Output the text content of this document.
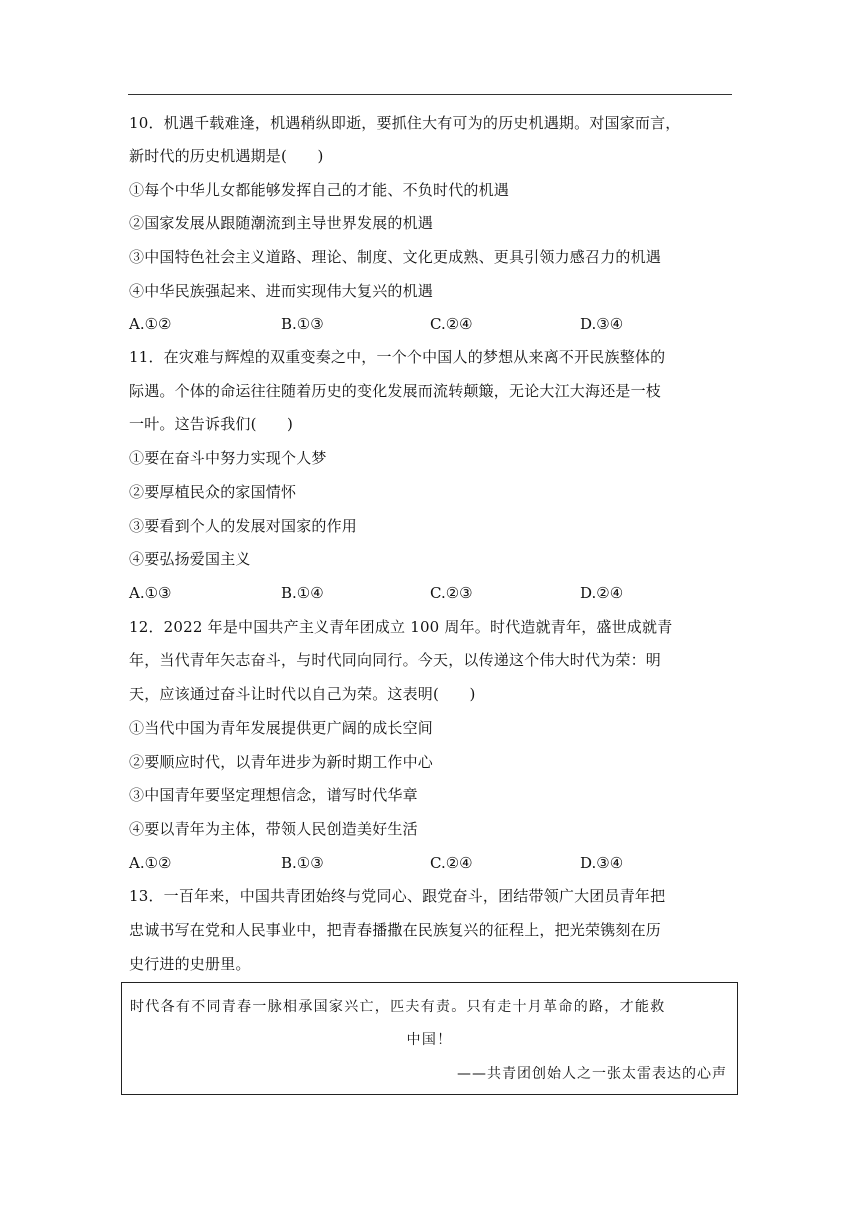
10．机遇千载难逢，机遇稍纵即逝，要抓住大有可为的历史机遇期。对国家而言，
新时代的历史机遇期是(　　)
①每个中华儿女都能够发挥自己的才能、不负时代的机遇
②国家发展从跟随潮流到主导世界发展的机遇
③中国特色社会主义道路、理论、制度、文化更成熟、更具引领力感召力的机遇
④中华民族强起来、进而实现伟大复兴的机遇
A.①②	B.①③	C.②④	D.③④
11．在灾难与辉煌的双重变奏之中，一个个中国人的梦想从来离不开民族整体的
际遇。个体的命运往往随着历史的变化发展而流转颠簸，无论大江大海还是一枝
一叶。这告诉我们(　　)
①要在奋斗中努力实现个人梦
②要厚植民众的家国情怀
③要看到个人的发展对国家的作用
④要弘扬爱国主义
A.①③	B.①④	C.②③	D.②④
12．2022 年是中国共产主义青年团成立 100 周年。时代造就青年，盛世成就青
年，当代青年矢志奋斗，与时代同向同行。今天，以传递这个伟大时代为荣：明
天，应该通过奋斗让时代以自己为荣。这表明(　　)
①当代中国为青年发展提供更广阔的成长空间
②要顺应时代，以青年进步为新时期工作中心
③中国青年要坚定理想信念，谱写时代华章
④要以青年为主体，带领人民创造美好生活
A.①②	B.①③	C.②④	D.③④
13．一百年来，中国共青团始终与党同心、跟党奋斗，团结带领广大团员青年把
忠诚书写在党和人民事业中，把青春播撒在民族复兴的征程上，把光荣镌刻在历
史行进的史册里。
时代各有不同青春一脉相承国家兴亡，匹夫有责。只有走十月革命的路，才能救
中国！
——共青团创始人之一张太雷表达的心声
